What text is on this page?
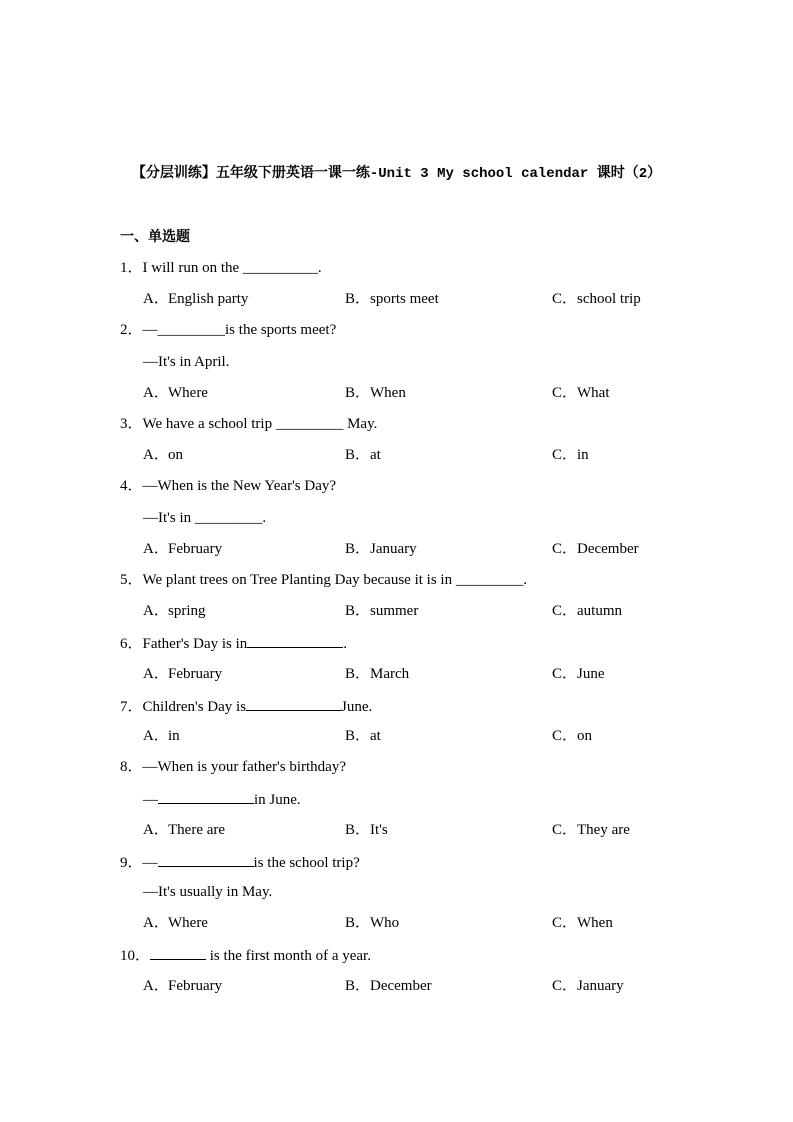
【分层训练】五年级下册英语一课一练-Unit 3 My school calendar 课时（2）
一、单选题
1．I will run on the __________.
A．English party	B．sports meet	C．school trip
2．—_________is the sports meet?
—It's in April.
A．Where	B．When	C．What
3．We have a school trip _________ May.
A．on	B．at	C．in
4．—When is the New Year's Day?
—It's in _________.
A．February	B．January	C．December
5．We plant trees on Tree Planting Day because it is in _________.
A．spring	B．summer	C．autumn
6．Father's Day is in	.
A．February	B．March	C．June
7．Children's Day is	June.
A．in	B．at	C．on
8．—When is your father's birthday?
—	in June.
A．There are	B．It's	C．They are
9．—	is the school trip?
—It's usually in May.
A．Where	B．Who	C．When
10．	is the first month of a year.
A．February	B．December	C．January
